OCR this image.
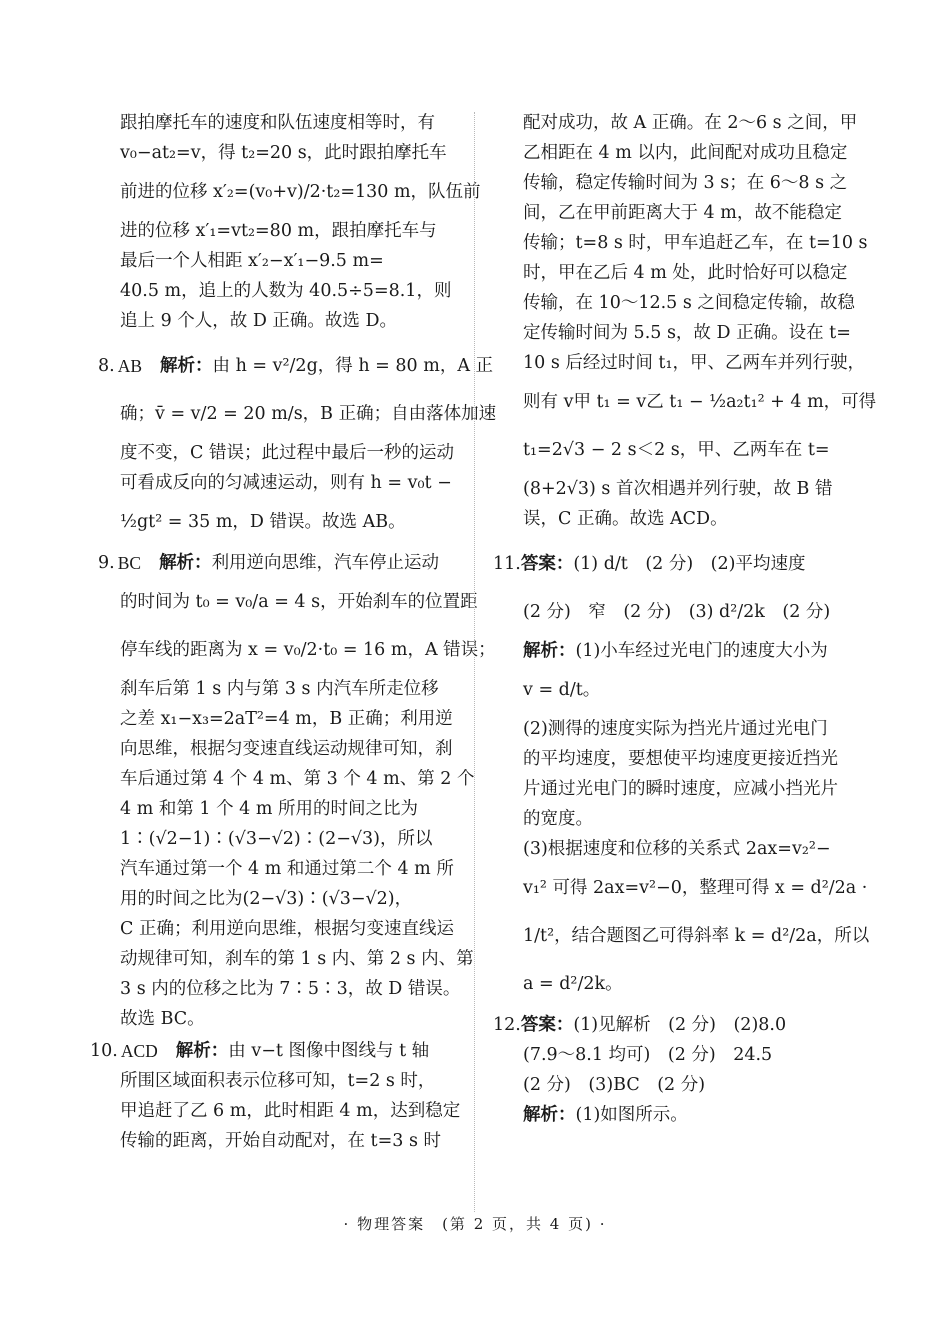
跟拍摩托车的速度和队伍速度相等时，有
v₀−at₂=v，得 t₂=20 s，此时跟拍摩托车
前进的位移 x′₂=(v₀+v)/2·t₂=130 m，队伍前
进的位移 x′₁=vt₂=80 m，跟拍摩托车与
最后一个人相距 x′₂−x′₁−9.5 m=
40.5 m，追上的人数为 40.5÷5=8.1，则
追上 9 个人，故 D 正确。故选 D。
8. AB 解析： 由 h = v²/2g，得 h = 80 m，A 正
确；v̄ = v/2 = 20 m/s，B 正确；自由落体加速
度不变，C 错误；此过程中最后一秒的运动
可看成反向的匀减速运动，则有 h = v₀t −
½gt² = 35 m，D 错误。故选 AB。
9. BC 解析： 利用逆向思维，汽车停止运动
的时间为 t₀ = v₀/a = 4 s，开始刹车的位置距
停车线的距离为 x = v₀/2·t₀ = 16 m，A 错误；
刹车后第 1 s 内与第 3 s 内汽车所走位移
之差 x₁−x₃=2aT²=4 m，B 正确；利用逆
向思维，根据匀变速直线运动规律可知，刹
车后通过第 4 个 4 m、第 3 个 4 m、第 2 个
4 m 和第 1 个 4 m 所用的时间之比为
1∶(√2−1)∶(√3−√2)∶(2−√3)，所以
汽车通过第一个 4 m 和通过第二个 4 m 所
用的时间之比为(2−√3)∶(√3−√2)，
C 正确；利用逆向思维，根据匀变速直线运
动规律可知，刹车的第 1 s 内、第 2 s 内、第
3 s 内的位移之比为 7∶5∶3，故 D 错误。
故选 BC。
10. ACD 解析： 由 v−t 图像中图线与 t 轴
所围区域面积表示位移可知，t=2 s 时，
甲追赶了乙 6 m，此时相距 4 m，达到稳定
传输的距离，开始自动配对，在 t=3 s 时
配对成功，故 A 正确。在 2～6 s 之间，甲
乙相距在 4 m 以内，此间配对成功且稳定
传输，稳定传输时间为 3 s；在 6～8 s 之
间，乙在甲前距离大于 4 m，故不能稳定
传输；t=8 s 时，甲车追赶乙车，在 t=10 s
时，甲在乙后 4 m 处，此时恰好可以稳定
传输，在 10～12.5 s 之间稳定传输，故稳
定传输时间为 5.5 s，故 D 正确。设在 t=
10 s 后经过时间 t₁，甲、乙两车并列行驶，
则有 v甲 t₁ = v乙 t₁ − ½a₂t₁² + 4 m，可得
t₁=2√3 − 2 s＜2 s，甲、乙两车在 t=
(8+2√3) s 首次相遇并列行驶，故 B 错
误，C 正确。故选 ACD。
11. 答案： (1) d/t　(2 分)　(2)平均速度
(2 分)　窄　(2 分)　(3) d²/2k　(2 分)
解析： (1)小车经过光电门的速度大小为
v = d/t。
(2)测得的速度实际为挡光片通过光电门
的平均速度，要想使平均速度更接近挡光
片通过光电门的瞬时速度，应减小挡光片
的宽度。
(3)根据速度和位移的关系式 2ax=v₂²−
v₁² 可得 2ax=v²−0，整理可得 x = d²/2a ·
1/t²，结合题图乙可得斜率 k = d²/2a，所以
a = d²/2k。
12. 答案： (1)见解析　(2 分)　(2)8.0
(7.9～8.1 均可)　(2 分)　24.5
(2 分)　(3)BC　(2 分)
解析： (1)如图所示。
· 物理答案　(第 2 页，共 4 页) ·
